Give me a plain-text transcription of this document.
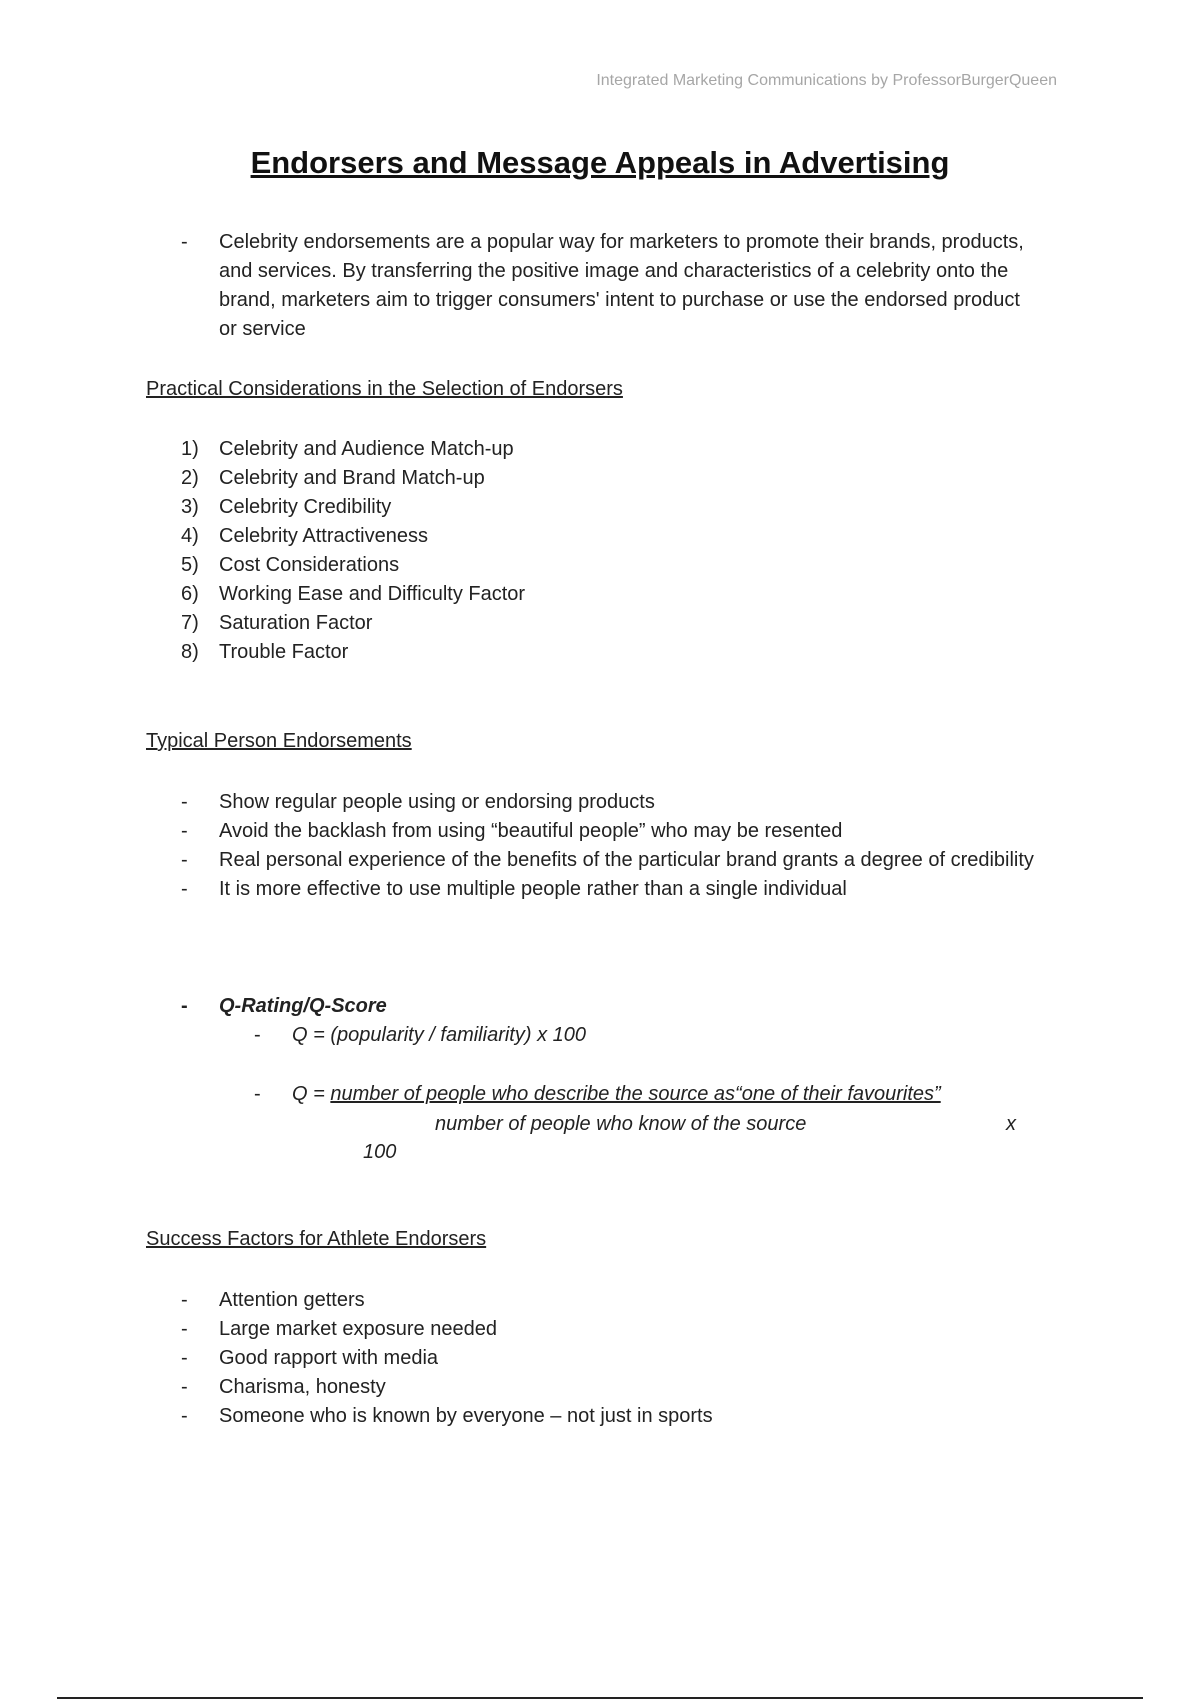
Integrated Marketing Communications by ProfessorBurgerQueen
Endorsers and Message Appeals in Advertising
-	Celebrity endorsements are a popular way for marketers to promote their brands, products, and services. By transferring the positive image and characteristics of a celebrity onto the brand, marketers aim to trigger consumers' intent to purchase or use the endorsed product or service
Practical Considerations in the Selection of Endorsers
1)	Celebrity and Audience Match-up
2)	Celebrity and Brand Match-up
3)	Celebrity Credibility
4)	Celebrity Attractiveness
5)	Cost Considerations
6)	Working Ease and Difficulty Factor
7)	Saturation Factor
8)	Trouble Factor
Typical Person Endorsements
-	Show regular people using or endorsing products
-	Avoid the backlash from using “beautiful people” who may be resented
-	Real personal experience of the benefits of the particular brand grants a degree of credibility
-	It is more effective to use multiple people rather than a single individual
-	Q-Rating/Q-Score
- Q = (popularity / familiarity) x 100
- Q = number of people who describe the source as“one of their favourites”
number of people who know of the source	x
100
Success Factors for Athlete Endorsers
-	Attention getters
-	Large market exposure needed
-	Good rapport with media
-	Charisma, honesty
-	Someone who is known by everyone – not just in sports
